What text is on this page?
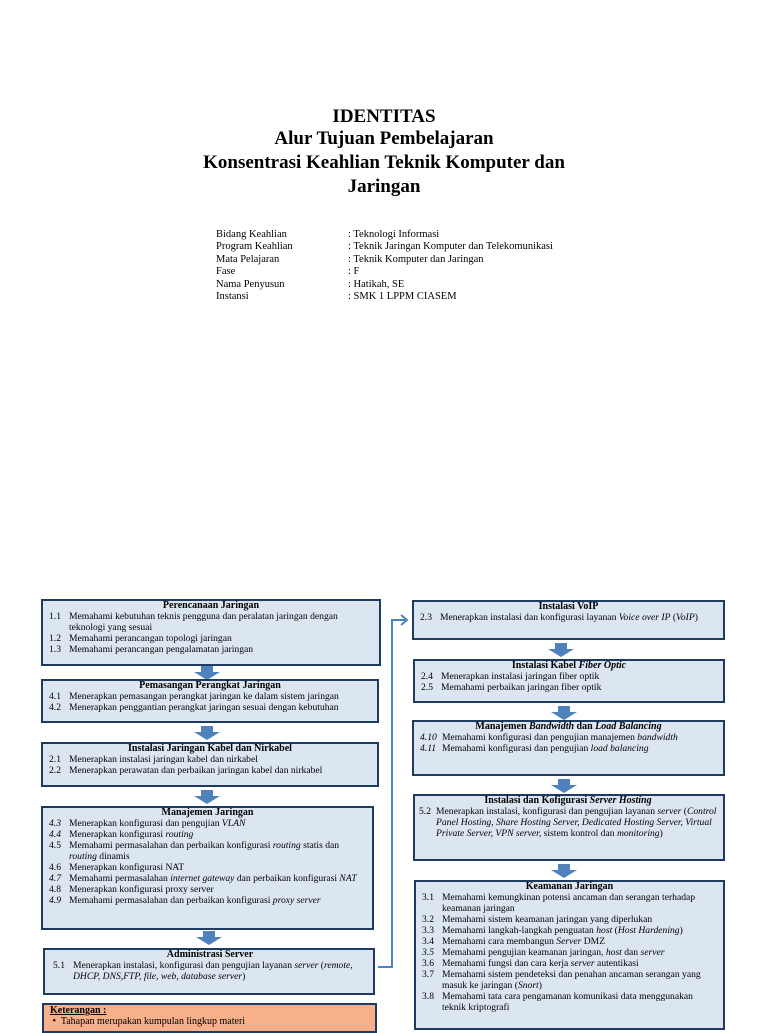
IDENTITAS
Alur Tujuan Pembelajaran
Konsentrasi Keahlian Teknik Komputer dan Jaringan
Bidang Keahlian	: Teknologi Informasi
Program Keahlian	: Teknik Jaringan Komputer dan Telekomunikasi
Mata Pelajaran	: Teknik Komputer dan Jaringan
Fase	: F
Nama Penyusun	: Hatikah, SE
Instansi	: SMK 1 LPPM CIASEM
Perencanaan Jaringan
1.1 Memahami kebutuhan teknis pengguna dan peralatan jaringan dengan teknologi yang sesuai
1.2 Memahami perancangan topologi jaringan
1.3 Memahami perancangan pengalamatan jaringan
Pemasangan Perangkat Jaringan
4.1 Menerapkan pemasangan perangkat jaringan ke dalam sistem jaringan
4.2 Menerapkan penggantian perangkat jaringan sesuai dengan kebutuhan
Instalasi Jaringan Kabel dan Nirkabel
2.1 Menerapkan instalasi jaringan kabel dan nirkabel
2.2 Menerapkan perawatan dan perbaikan jaringan kabel dan nirkabel
Manajemen Jaringan
4.3 Menerapkan konfigurasi dan pengujian VLAN
4.4 Menerapkan konfigurasi routing
4.5 Memahami permasalahan dan perbaikan konfigurasi routing statis dan routing dinamis
4.6 Menerapkan konfigurasi NAT
4.7 Memahami permasalahan internet gateway dan perbaikan konfigurasi NAT
4.8 Menerapkan konfigurasi proxy server
4.9 Memahami permasalahan dan perbaikan konfigurasi proxy server
Administrasi Server
5.1 Menerapkan instalasi, konfigurasi dan pengujian layanan server (remote, DHCP, DNS,FTP, file, web, database server)
Keterangan :
•  Tahapan merupakan kumpulan lingkup materi
Instalasi VoIP
2.3 Menerapkan instalasi dan konfigurasi layanan Voice over IP (VoIP)
Instalasi Kabel Fiber Optic
2.4 Menerapkan instalasi jaringan fiber optik
2.5 Memahami perbaikan jaringan fiber optik
Manajemen Bandwidth dan Load Balancing
4.10 Memahami konfigurasi dan pengujian manajemen bandwidth
4.11 Memahami konfigurasi dan pengujian load balancing
Instalasi dan Kofigurasi Server Hosting
5.2 Menerapkan instalasi, konfigurasi dan pengujian layanan server (Control Panel Hosting, Share Hosting Server, Dedicated Hosting Server, Virtual Private Server, VPN server, sistem kontrol dan monitoring)
Keamanan Jaringan
3.1 Memahami kemungkinan potensi ancaman dan serangan terhadap keamanan jaringan
3.2 Memahami sistem keamanan jaringan yang diperlukan
3.3 Memahami langkah-langkah penguatan host (Host Hardening)
3.4 Memahami cara membangun Server DMZ
3.5 Memahami pengujian keamanan jaringan, host dan server
3.6 Memahami fungsi dan cara kerja server autentikasi
3.7 Memahami sistem pendeteksi dan penahan ancaman serangan yang masuk ke jaringan (Snort)
3.8 Memahami tata cara pengamanan komunikasi data menggunakan teknik kriptografi
